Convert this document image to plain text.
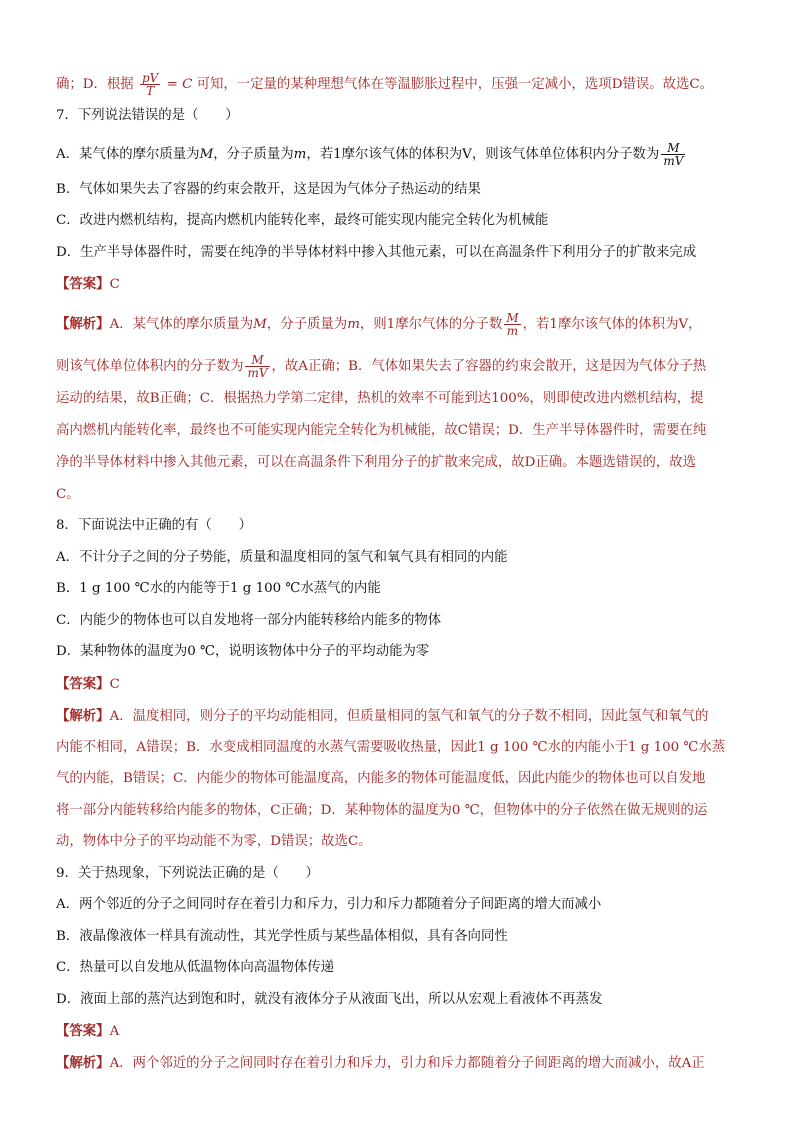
确；D．根据 $\frac{pV}{T} = C$ 可知，一定量的某种理想气体在等温膨胀过程中，压强一定减小，选项D错误。故选C。
7．下列说法错误的是（　　）
A．某气体的摩尔质量为M，分子质量为m，若1摩尔该气体的体积为V，则该气体单位体积内分子数为 $\frac{M}{mV}$
B．气体如果失去了容器的约束会散开，这是因为气体分子热运动的结果
C．改进内燃机结构，提高内燃机内能转化率，最终可能实现内能完全转化为机械能
D．生产半导体器件时，需要在纯净的半导体材料中掺入其他元素，可以在高温条件下利用分子的扩散来完成
【答案】C
【解析】A．某气体的摩尔质量为M，分子质量为m，则1摩尔气体的分子数 $\frac{M}{m}$ ，若1摩尔该气体的体积为V，
则该气体单位体积内的分子数为 $\frac{M}{mV}$ ，故A正确；B．气体如果失去了容器的约束会散开，这是因为气体分子热
运动的结果，故B正确；C．根据热力学第二定律，热机的效率不可能到达100%，则即使改进内燃机结构，提
高内燃机内能转化率，最终也不可能实现内能完全转化为机械能，故C错误；D．生产半导体器件时，需要在纯
净的半导体材料中掺入其他元素，可以在高温条件下利用分子的扩散来完成，故D正确。本题选错误的，故选
C。
8．下面说法中正确的有（　　）
A．不计分子之间的分子势能，质量和温度相同的氢气和氧气具有相同的内能
B．1 g 100 ℃水的内能等于1 g 100 ℃水蒸气的内能
C．内能少的物体也可以自发地将一部分内能转移给内能多的物体
D．某种物体的温度为0 ℃，说明该物体中分子的平均动能为零
【答案】C
【解析】A．温度相同，则分子的平均动能相同，但质量相同的氢气和氧气的分子数不相同，因此氢气和氧气的
内能不相同，A错误；B．水变成相同温度的水蒸气需要吸收热量，因此1 g 100 ℃水的内能小于1 g 100 ℃水蒸
气的内能，B错误；C．内能少的物体可能温度高，内能多的物体可能温度低，因此内能少的物体也可以自发地
将一部分内能转移给内能多的物体，C正确；D．某种物体的温度为0 ℃，但物体中的分子依然在做无规则的运
动，物体中分子的平均动能不为零，D错误；故选C。
9．关于热现象，下列说法正确的是（　　）
A．两个邻近的分子之间同时存在着引力和斥力，引力和斥力都随着分子间距离的增大而减小
B．液晶像液体一样具有流动性，其光学性质与某些晶体相似，具有各向同性
C．热量可以自发地从低温物体向高温物体传递
D．液面上部的蒸汽达到饱和时，就没有液体分子从液面飞出，所以从宏观上看液体不再蒸发
【答案】A
【解析】A．两个邻近的分子之间同时存在着引力和斥力，引力和斥力都随着分子间距离的增大而减小，故A正
